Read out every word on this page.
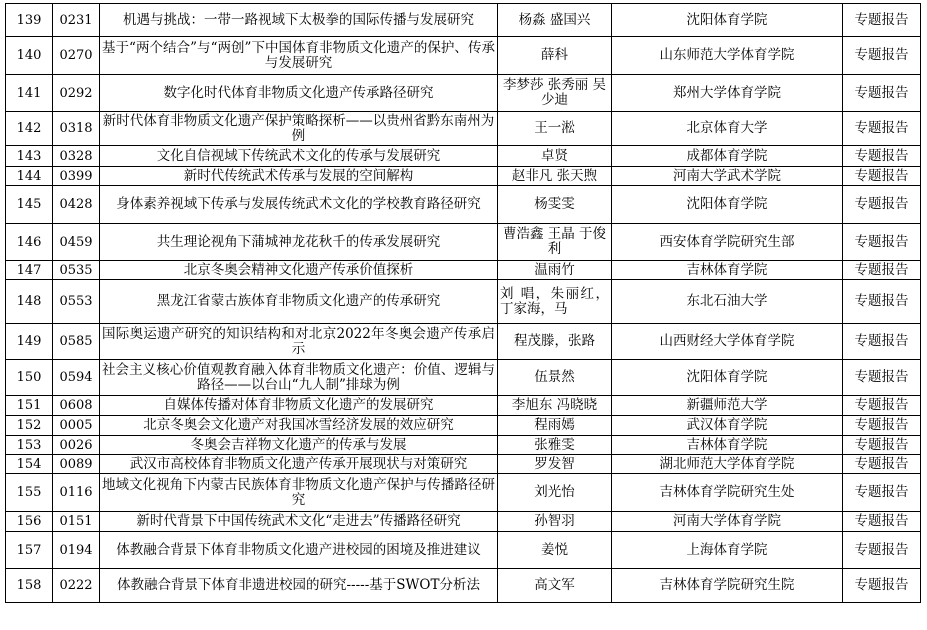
139	0231	机遇与挑战：一带一路视域下太极拳的国际传播与发展研究	杨淼 盛国兴	沈阳体育学院	专题报告
140	0270	基于“两个结合”与“两创”下中国体育非物质文化遗产的保护、传承与发展研究	薛科	山东师范大学体育学院	专题报告
141	0292	数字化时代体育非物质文化遗产传承路径研究	李梦莎 张秀丽 吴少迪	郑州大学体育学院	专题报告
142	0318	新时代体育非物质文化遗产保护策略探析——以贵州省黔东南州为例	王一淞	北京体育大学	专题报告
143	0328	文化自信视域下传统武术文化的传承与发展研究	卓贤	成都体育学院	专题报告
144	0399	新时代传统武术传承与发展的空间解构	赵非凡 张天煦	河南大学武术学院	专题报告
145	0428	身体素养视域下传承与发展传统武术文化的学校教育路径研究	杨雯雯	沈阳体育学院	专题报告
146	0459	共生理论视角下蒲城神龙花秋千的传承发展研究	曹浩鑫 王晶 于俊利	西安体育学院研究生部	专题报告
147	0535	北京冬奥会精神文化遗产传承价值探析	温雨竹	吉林体育学院	专题报告
148	0553	黑龙江省蒙古族体育非物质文化遗产的传承研究	刘 唱，朱丽红，丁家海，马	东北石油大学	专题报告
149	0585	国际奥运遗产研究的知识结构和对北京2022年冬奥会遗产传承启示	程茂滕，张路	山西财经大学体育学院	专题报告
150	0594	社会主义核心价值观教育融入体育非物质文化遗产：价值、逻辑与路径——以台山“九人制”排球为例	伍景然	沈阳体育学院	专题报告
151	0608	自媒体传播对体育非物质文化遗产的发展研究	李旭东 冯晓晓	新疆师范大学	专题报告
152	0005	北京冬奥会文化遗产对我国冰雪经济发展的效应研究	程雨嫣	武汉体育学院	专题报告
153	0026	冬奥会吉祥物文化遗产的传承与发展	张雅雯	吉林体育学院	专题报告
154	0089	武汉市高校体育非物质文化遗产传承开展现状与对策研究	罗发智	湖北师范大学体育学院	专题报告
155	0116	地域文化视角下内蒙古民族体育非物质文化遗产保护与传播路径研究	刘光怡	吉林体育学院研究生处	专题报告
156	0151	新时代背景下中国传统武术文化“走进去”传播路径研究	孙智羽	河南大学体育学院	专题报告
157	0194	体教融合背景下体育非物质文化遗产进校园的困境及推进建议	姜悦	上海体育学院	专题报告
158	0222	体教融合背景下体育非遗进校园的研究-----基于SWOT分析法	高文军	吉林体育学院研究生院	专题报告
